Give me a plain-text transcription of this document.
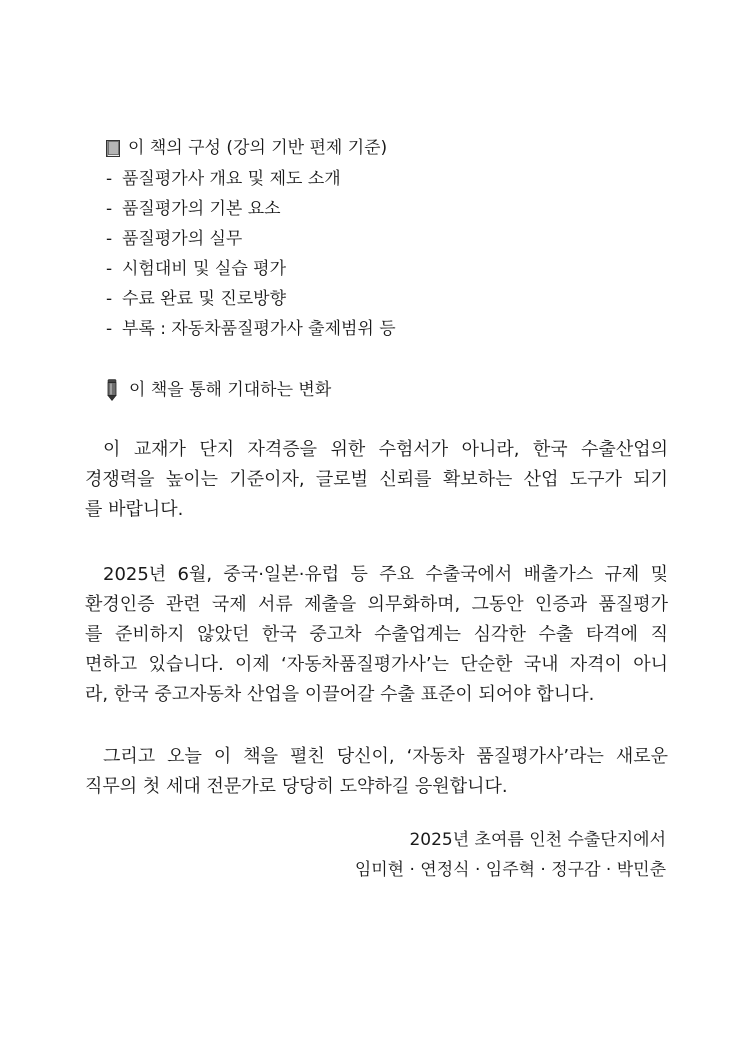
이 책의 구성 (강의 기반 편제 기준)
- 품질평가사 개요 및 제도 소개
- 품질평가의 기본 요소
- 품질평가의 실무
- 시험대비 및 실습 평가
- 수료 완료 및 진로방향
- 부록 : 자동차품질평가사 출제범위 등
이 책을 통해 기대하는 변화
이 교재가 단지 자격증을 위한 수험서가 아니라, 한국 수출산업의
경쟁력을 높이는 기준이자, 글로벌 신뢰를 확보하는 산업 도구가 되기
를 바랍니다.
2025년 6월, 중국·일본·유럽 등 주요 수출국에서 배출가스 규제 및
환경인증 관련 국제 서류 제출을 의무화하며, 그동안 인증과 품질평가
를 준비하지 않았던 한국 중고차 수출업계는 심각한 수출 타격에 직
면하고 있습니다. 이제 ‘자동차품질평가사’는 단순한 국내 자격이 아니
라, 한국 중고자동차 산업을 이끌어갈 수출 표준이 되어야 합니다.
그리고 오늘 이 책을 펼친 당신이, ‘자동차 품질평가사’라는 새로운
직무의 첫 세대 전문가로 당당히 도약하길 응원합니다.
2025년 초여름 인천 수출단지에서
임미현 · 연정식 · 임주혁 · 정구감 · 박민춘
